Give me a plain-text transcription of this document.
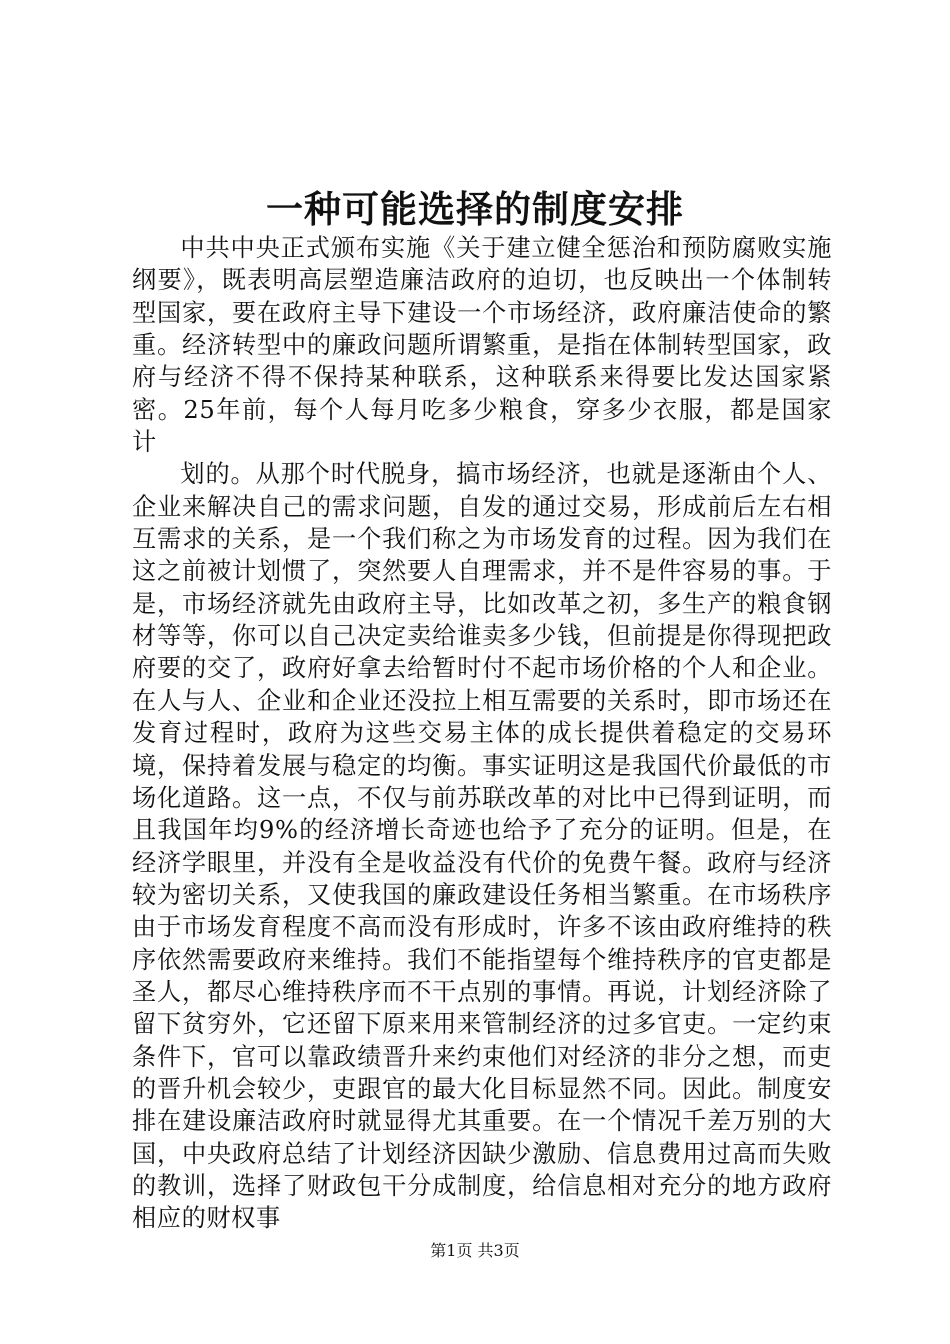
一种可能选择的制度安排

中共中央正式颁布实施《关于建立健全惩治和预防腐败实施纲要》，既表明高层塑造廉洁政府的迫切，也反映出一个体制转型国家，要在政府主导下建设一个市场经济，政府廉洁使命的繁重。经济转型中的廉政问题所谓繁重，是指在体制转型国家，政府与经济不得不保持某种联系，这种联系来得要比发达国家紧密。25年前，每个人每月吃多少粮食，穿多少衣服，都是国家计

划的。从那个时代脱身，搞市场经济，也就是逐渐由个人、企业来解决自己的需求问题，自发的通过交易，形成前后左右相互需求的关系，是一个我们称之为市场发育的过程。因为我们在这之前被计划惯了，突然要人自理需求，并不是件容易的事。于是，市场经济就先由政府主导，比如改革之初，多生产的粮食钢材等等，你可以自己决定卖给谁卖多少钱，但前提是你得现把政府要的交了，政府好拿去给暂时付不起市场价格的个人和企业。在人与人、企业和企业还没拉上相互需要的关系时，即市场还在发育过程时，政府为这些交易主体的成长提供着稳定的交易环境，保持着发展与稳定的均衡。事实证明这是我国代价最低的市场化道路。这一点，不仅与前苏联改革的对比中已得到证明，而且我国年均9%的经济增长奇迹也给予了充分的证明。但是，在经济学眼里，并没有全是收益没有代价的免费午餐。政府与经济较为密切关系，又使我国的廉政建设任务相当繁重。在市场秩序由于市场发育程度不高而没有形成时，许多不该由政府维持的秩序依然需要政府来维持。我们不能指望每个维持秩序的官吏都是圣人，都尽心维持秩序而不干点别的事情。再说，计划经济除了留下贫穷外，它还留下原来用来管制经济的过多官吏。一定约束条件下，官可以靠政绩晋升来约束他们对经济的非分之想，而吏的晋升机会较少，吏跟官的最大化目标显然不同。因此。制度安排在建设廉洁政府时就显得尤其重要。在一个情况千差万别的大国，中央政府总结了计划经济因缺少激励、信息费用过高而失败的教训，选择了财政包干分成制度，给信息相对充分的地方政府相应的财权事

第1页 共3页
